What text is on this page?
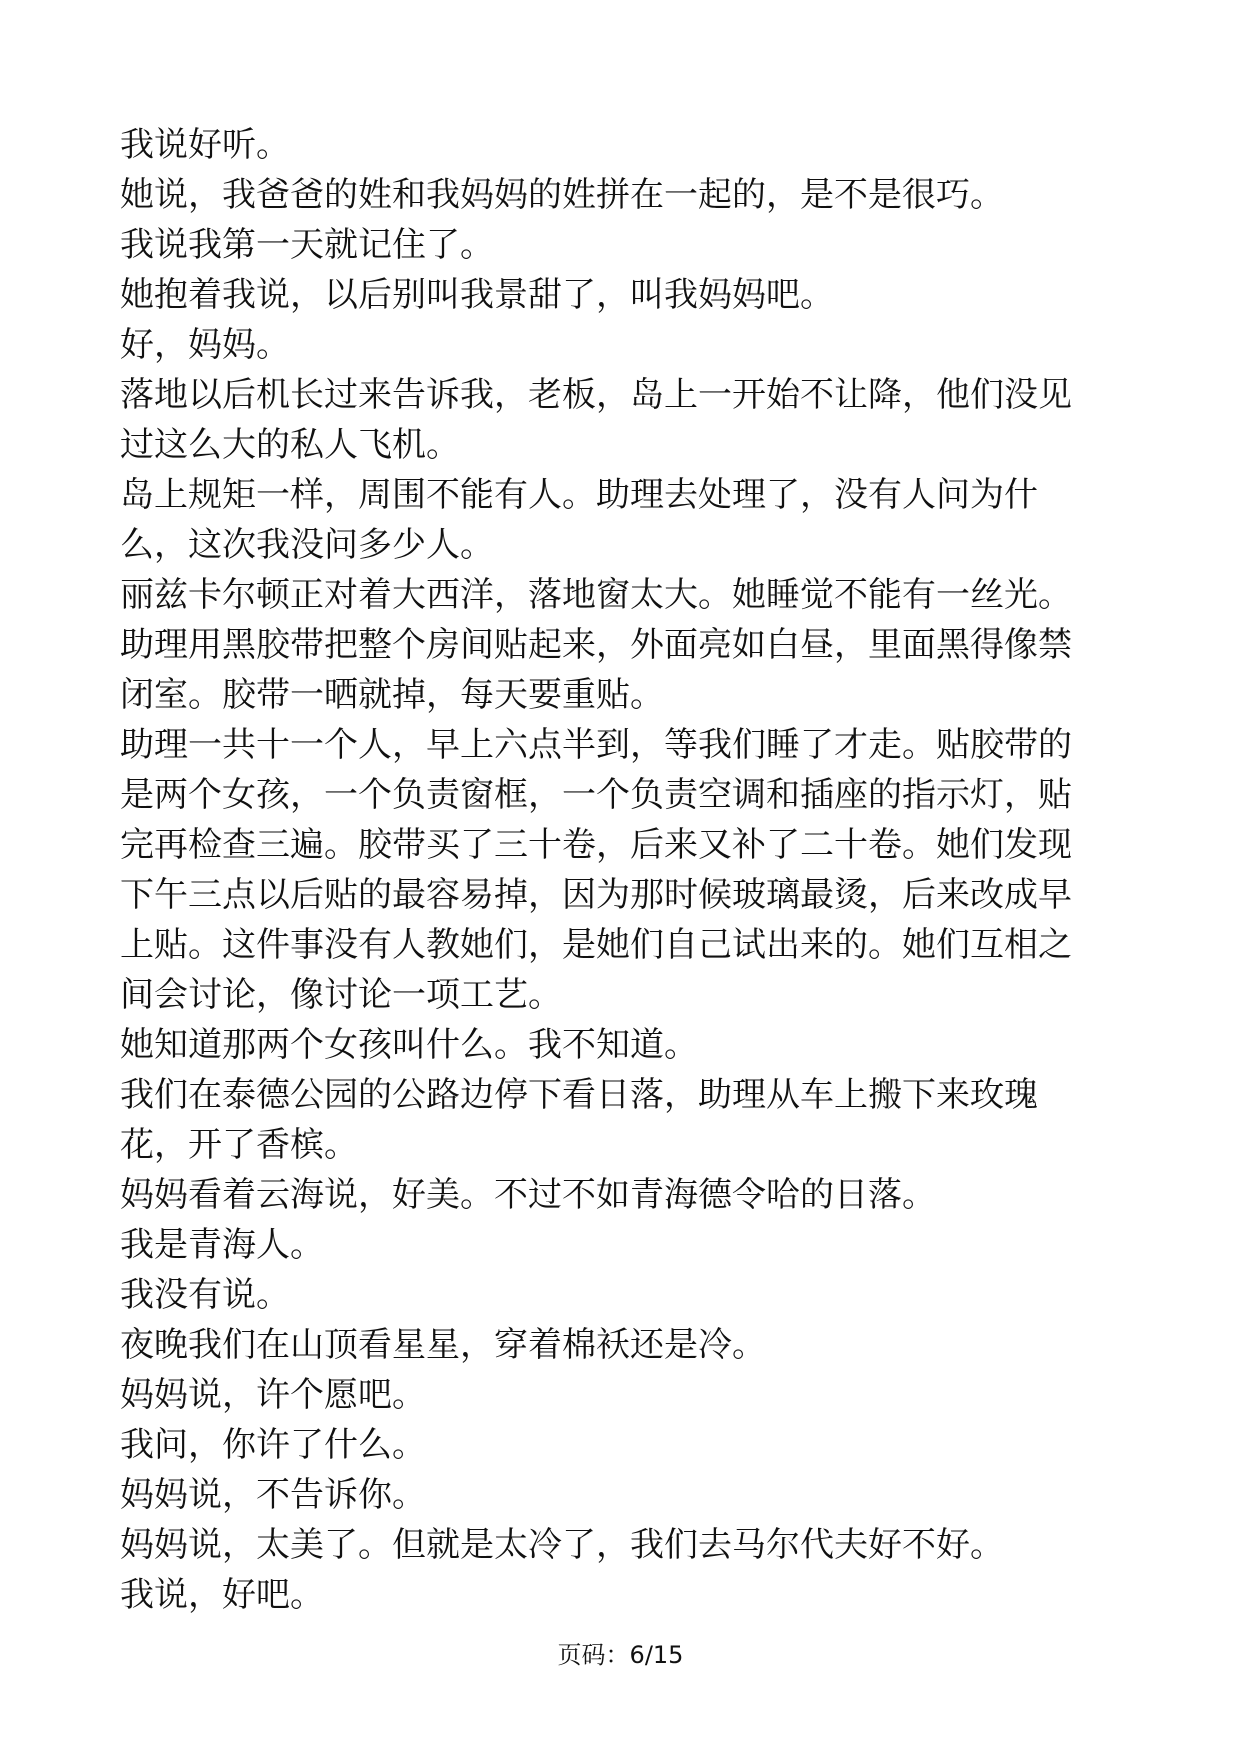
我说好听。
她说，我爸爸的姓和我妈妈的姓拼在一起的，是不是很巧。
我说我第一天就记住了。
她抱着我说，以后别叫我景甜了，叫我妈妈吧。
好，妈妈。
落地以后机长过来告诉我，老板，岛上一开始不让降，他们没见
过这么大的私人飞机。
岛上规矩一样，周围不能有人。助理去处理了，没有人问为什
么，这次我没问多少人。
丽兹卡尔顿正对着大西洋，落地窗太大。她睡觉不能有一丝光。
助理用黑胶带把整个房间贴起来，外面亮如白昼，里面黑得像禁
闭室。胶带一晒就掉，每天要重贴。
助理一共十一个人，早上六点半到，等我们睡了才走。贴胶带的
是两个女孩，一个负责窗框，一个负责空调和插座的指示灯，贴
完再检查三遍。胶带买了三十卷，后来又补了二十卷。她们发现
下午三点以后贴的最容易掉，因为那时候玻璃最烫，后来改成早
上贴。这件事没有人教她们，是她们自己试出来的。她们互相之
间会讨论，像讨论一项工艺。
她知道那两个女孩叫什么。我不知道。
我们在泰德公园的公路边停下看日落，助理从车上搬下来玫瑰
花，开了香槟。
妈妈看着云海说，好美。不过不如青海德令哈的日落。
我是青海人。
我没有说。
夜晚我们在山顶看星星，穿着棉袄还是冷。
妈妈说，许个愿吧。
我问，你许了什么。
妈妈说，不告诉你。
妈妈说，太美了。但就是太冷了，我们去马尔代夫好不好。
我说，好吧。
页码：6/15
